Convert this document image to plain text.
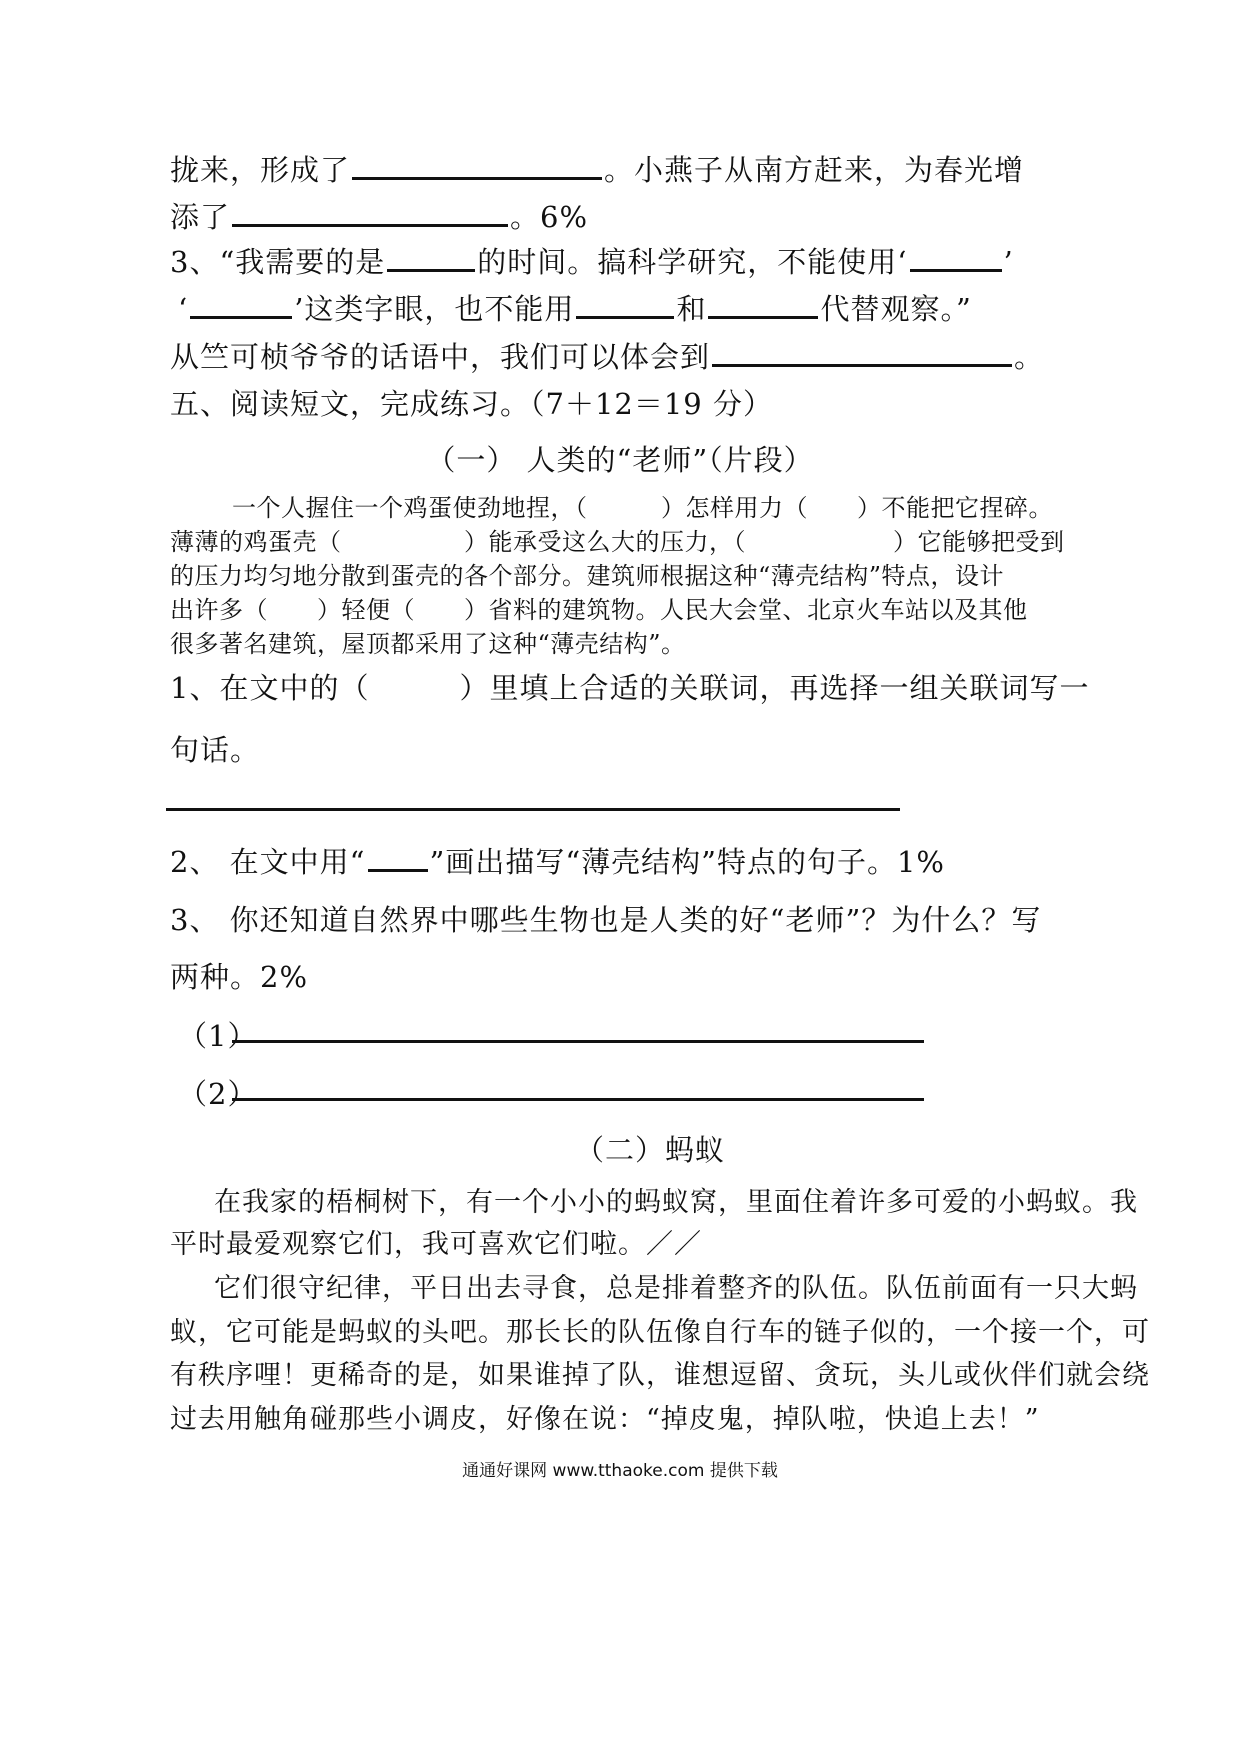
拢来，形成了	。小燕子从南方赶来，为春光增
添了	。6%
3、“我需要的是	的时间。搞科学研究，不能使用‘	’
‘	’这类字眼，也不能用	和	代替观察。”
从竺可桢爷爷的话语中，我们可以体会到	。
五、阅读短文，完成练习。（7＋12＝19 分）
（一） 人类的“老师”（片段）
一个人握住一个鸡蛋使劲地捏，（　　　）怎样用力（　　）不能把它捏碎。
薄薄的鸡蛋壳（　　　　　）能承受这么大的压力，（　　　　　　）它能够把受到
的压力均匀地分散到蛋壳的各个部分。建筑师根据这种“薄壳结构”特点，设计
出许多（　　）轻便（　　）省料的建筑物。人民大会堂、北京火车站以及其他
很多著名建筑，屋顶都采用了这种“薄壳结构”。
1、在文中的（　　　）里填上合适的关联词，再选择一组关联词写一
句话。
2、 在文中用“ ”画出描写“薄壳结构”特点的句子。1%
3、 你还知道自然界中哪些生物也是人类的好“老师”？为什么？写
两种。2%
（1）
（2）
（二）蚂蚁
在我家的梧桐树下，有一个小小的蚂蚁窝，里面住着许多可爱的小蚂蚁。我
平时最爱观察它们，我可喜欢它们啦。／／
它们很守纪律，平日出去寻食，总是排着整齐的队伍。队伍前面有一只大蚂
蚁，它可能是蚂蚁的头吧。那长长的队伍像自行车的链子似的，一个接一个，可
有秩序哩！更稀奇的是，如果谁掉了队，谁想逗留、贪玩，头儿或伙伴们就会绕
过去用触角碰那些小调皮，好像在说：“掉皮鬼，掉队啦，快追上去！”
通通好课网 www.tthaoke.com 提供下载
